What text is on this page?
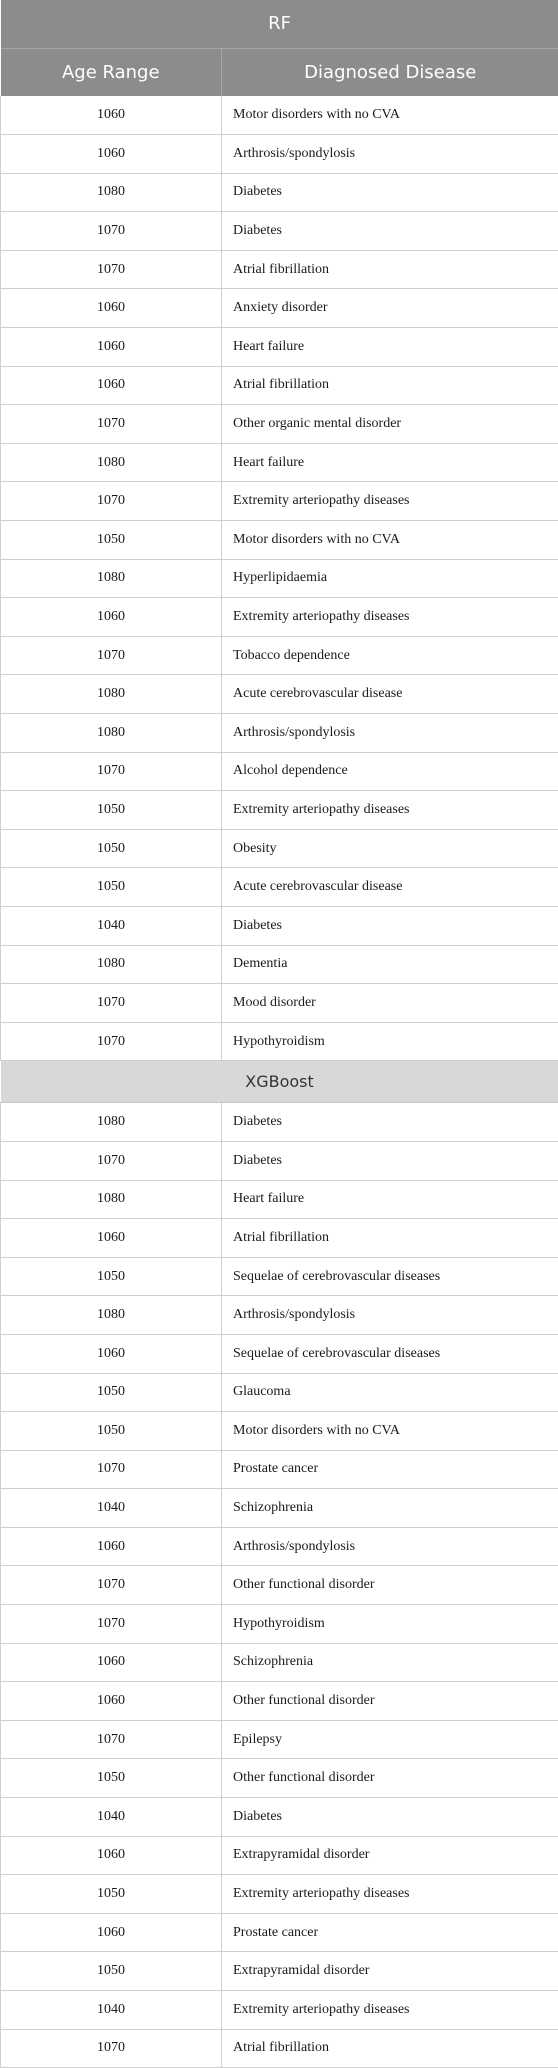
RF	
Age Range	Diagnosed Disease
1060	Motor disorders with no CVA
1060	Arthrosis/spondylosis
1080	Diabetes
1070	Diabetes
1070	Atrial fibrillation
1060	Anxiety disorder
1060	Heart failure
1060	Atrial fibrillation
1070	Other organic mental disorder
1080	Heart failure
1070	Extremity arteriopathy diseases
1050	Motor disorders with no CVA
1080	Hyperlipidaemia
1060	Extremity arteriopathy diseases
1070	Tobacco dependence
1080	Acute cerebrovascular disease
1080	Arthrosis/spondylosis
1070	Alcohol dependence
1050	Extremity arteriopathy diseases
1050	Obesity
1050	Acute cerebrovascular disease
1040	Diabetes
1080	Dementia
1070	Mood disorder
1070	Hypothyroidism
XGBoost	
1080	Diabetes
1070	Diabetes
1080	Heart failure
1060	Atrial fibrillation
1050	Sequelae of cerebrovascular diseases
1080	Arthrosis/spondylosis
1060	Sequelae of cerebrovascular diseases
1050	Glaucoma
1050	Motor disorders with no CVA
1070	Prostate cancer
1040	Schizophrenia
1060	Arthrosis/spondylosis
1070	Other functional disorder
1070	Hypothyroidism
1060	Schizophrenia
1060	Other functional disorder
1070	Epilepsy
1050	Other functional disorder
1040	Diabetes
1060	Extrapyramidal disorder
1050	Extremity arteriopathy diseases
1060	Prostate cancer
1050	Extrapyramidal disorder
1040	Extremity arteriopathy diseases
1070	Atrial fibrillation
